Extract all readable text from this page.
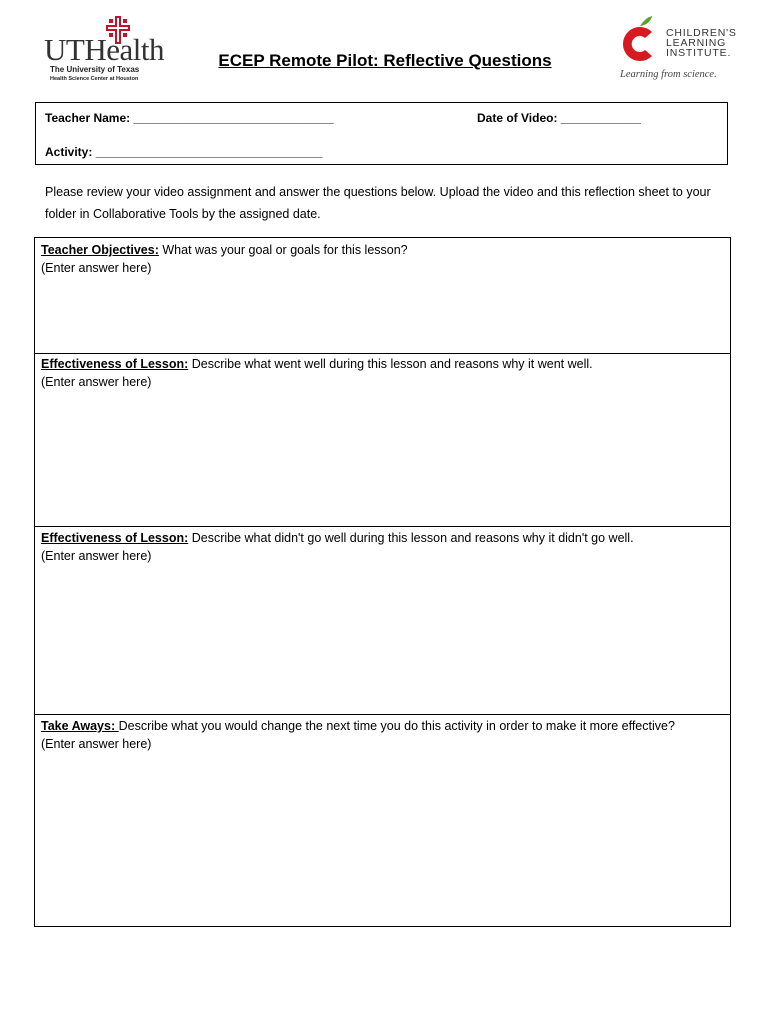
UTHealth
The University of Texas
Health Science Center at Houston
ECEP Remote Pilot: Reflective Questions
CHILDREN'S
LEARNING
INSTITUTE.
Learning from science.
Teacher Name: ______________________________	Date of Video: ____________
Activity: __________________________________
Please review your video assignment and answer the questions below. Upload the video and this reflection sheet to your folder in Collaborative Tools by the assigned date.
Teacher Objectives: What was your goal or goals for this lesson?
(Enter answer here)
Effectiveness of Lesson: Describe what went well during this lesson and reasons why it went well.
(Enter answer here)
Effectiveness of Lesson: Describe what didn't go well during this lesson and reasons why it didn't go well.
(Enter answer here)
Take Aways: Describe what you would change the next time you do this activity in order to make it more effective?
(Enter answer here)
